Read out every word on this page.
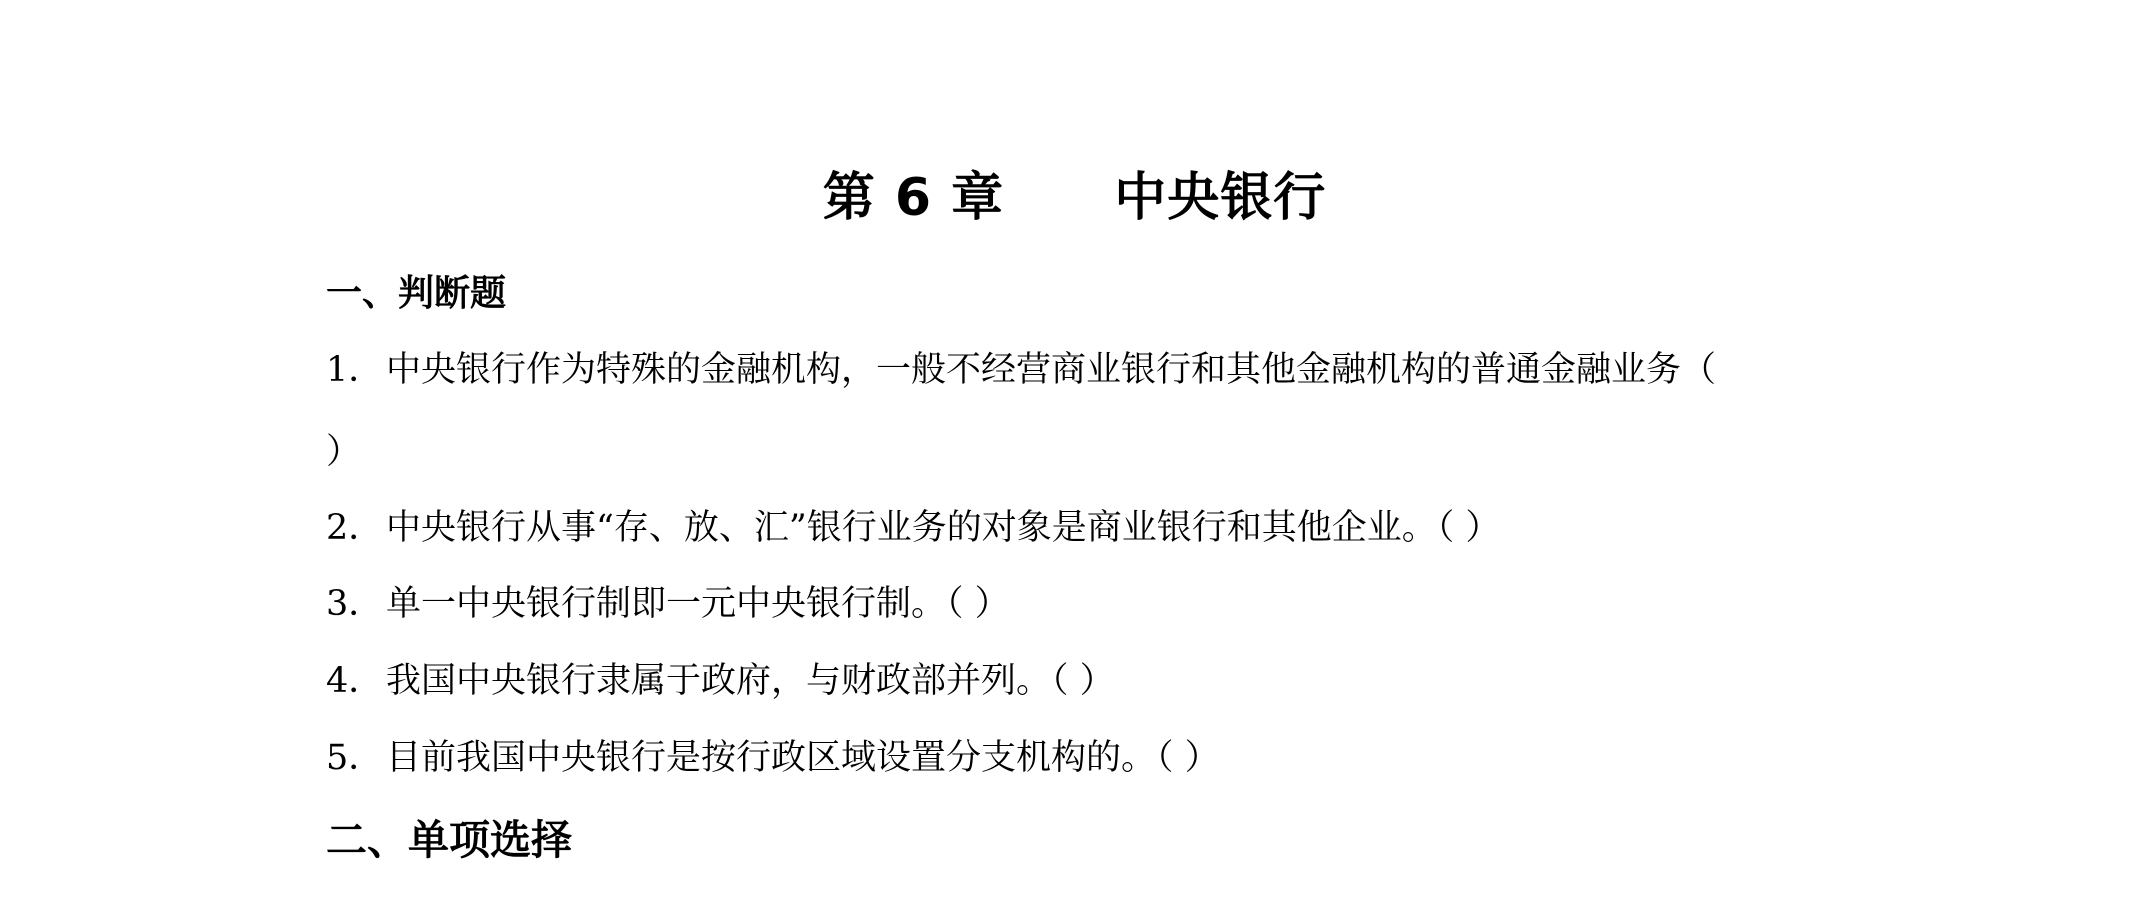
第 6 章 中央银行
一、判断题
1．中央银行作为特殊的金融机构，一般不经营商业银行和其他金融机构的普通金融业务（
）
2．中央银行从事“存、放、汇”银行业务的对象是商业银行和其他企业。（ ）
3．单一中央银行制即一元中央银行制。（ ）
4．我国中央银行隶属于政府，与财政部并列。（ ）
5．目前我国中央银行是按行政区域设置分支机构的。（ ）
二、单项选择
